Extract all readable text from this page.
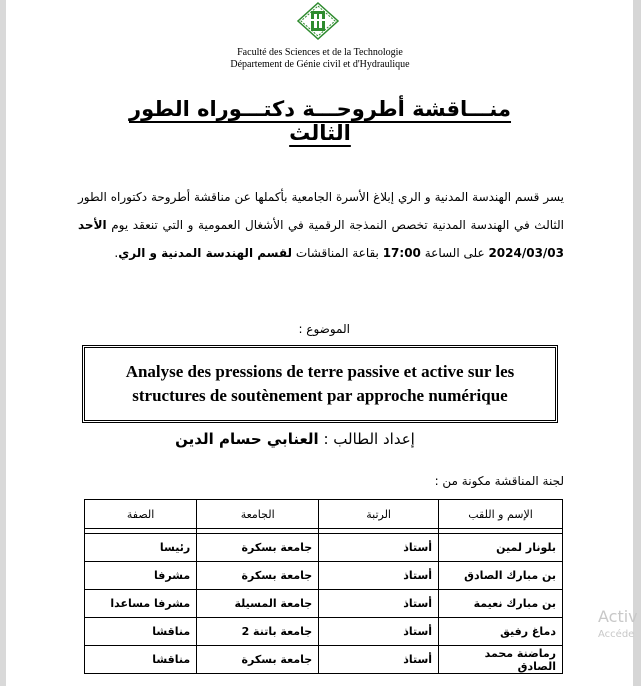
Faculté des Sciences et de la Technologie
Département de Génie civil et d'Hydraulique
منـــاقشة أطروحـــة دكتـــوراه الطور الثالث
يسر قسم الهندسة المدنية و الري إبلاغ الأسرة الجامعية بأكملها عن مناقشة أطروحة دكتوراه الطور الثالث في الهندسة المدنية تخصص النمذجة الرقمية في الأشغال العمومية و التي تنعقد يوم الأحد 2024/03/03 على الساعة 17:00 بقاعة المناقشات لقسم الهندسة المدنية و الري.
الموضوع :
Analyse des pressions de terre passive et active sur les structures de soutènement par approche numérique
إعداد الطالب : العنابي حسام الدين
لجنة المناقشة مكونة من :
الإسم و اللقب	الرتبة	الجامعة	الصفة

بلونار لمين	أستاذ	جامعة بسكرة	رئيسا
بن مبارك الصادق	أستاذ	جامعة بسكرة	مشرفا
بن مبارك نعيمة	أستاذ	جامعة المسيلة	مشرفا مساعدا
دماغ رفيق	أستاذ	جامعة باتنة 2	مناقشا
رماضنة محمد الصادق	أستاذ	جامعة بسكرة	مناقشا
Activ
Accéde
